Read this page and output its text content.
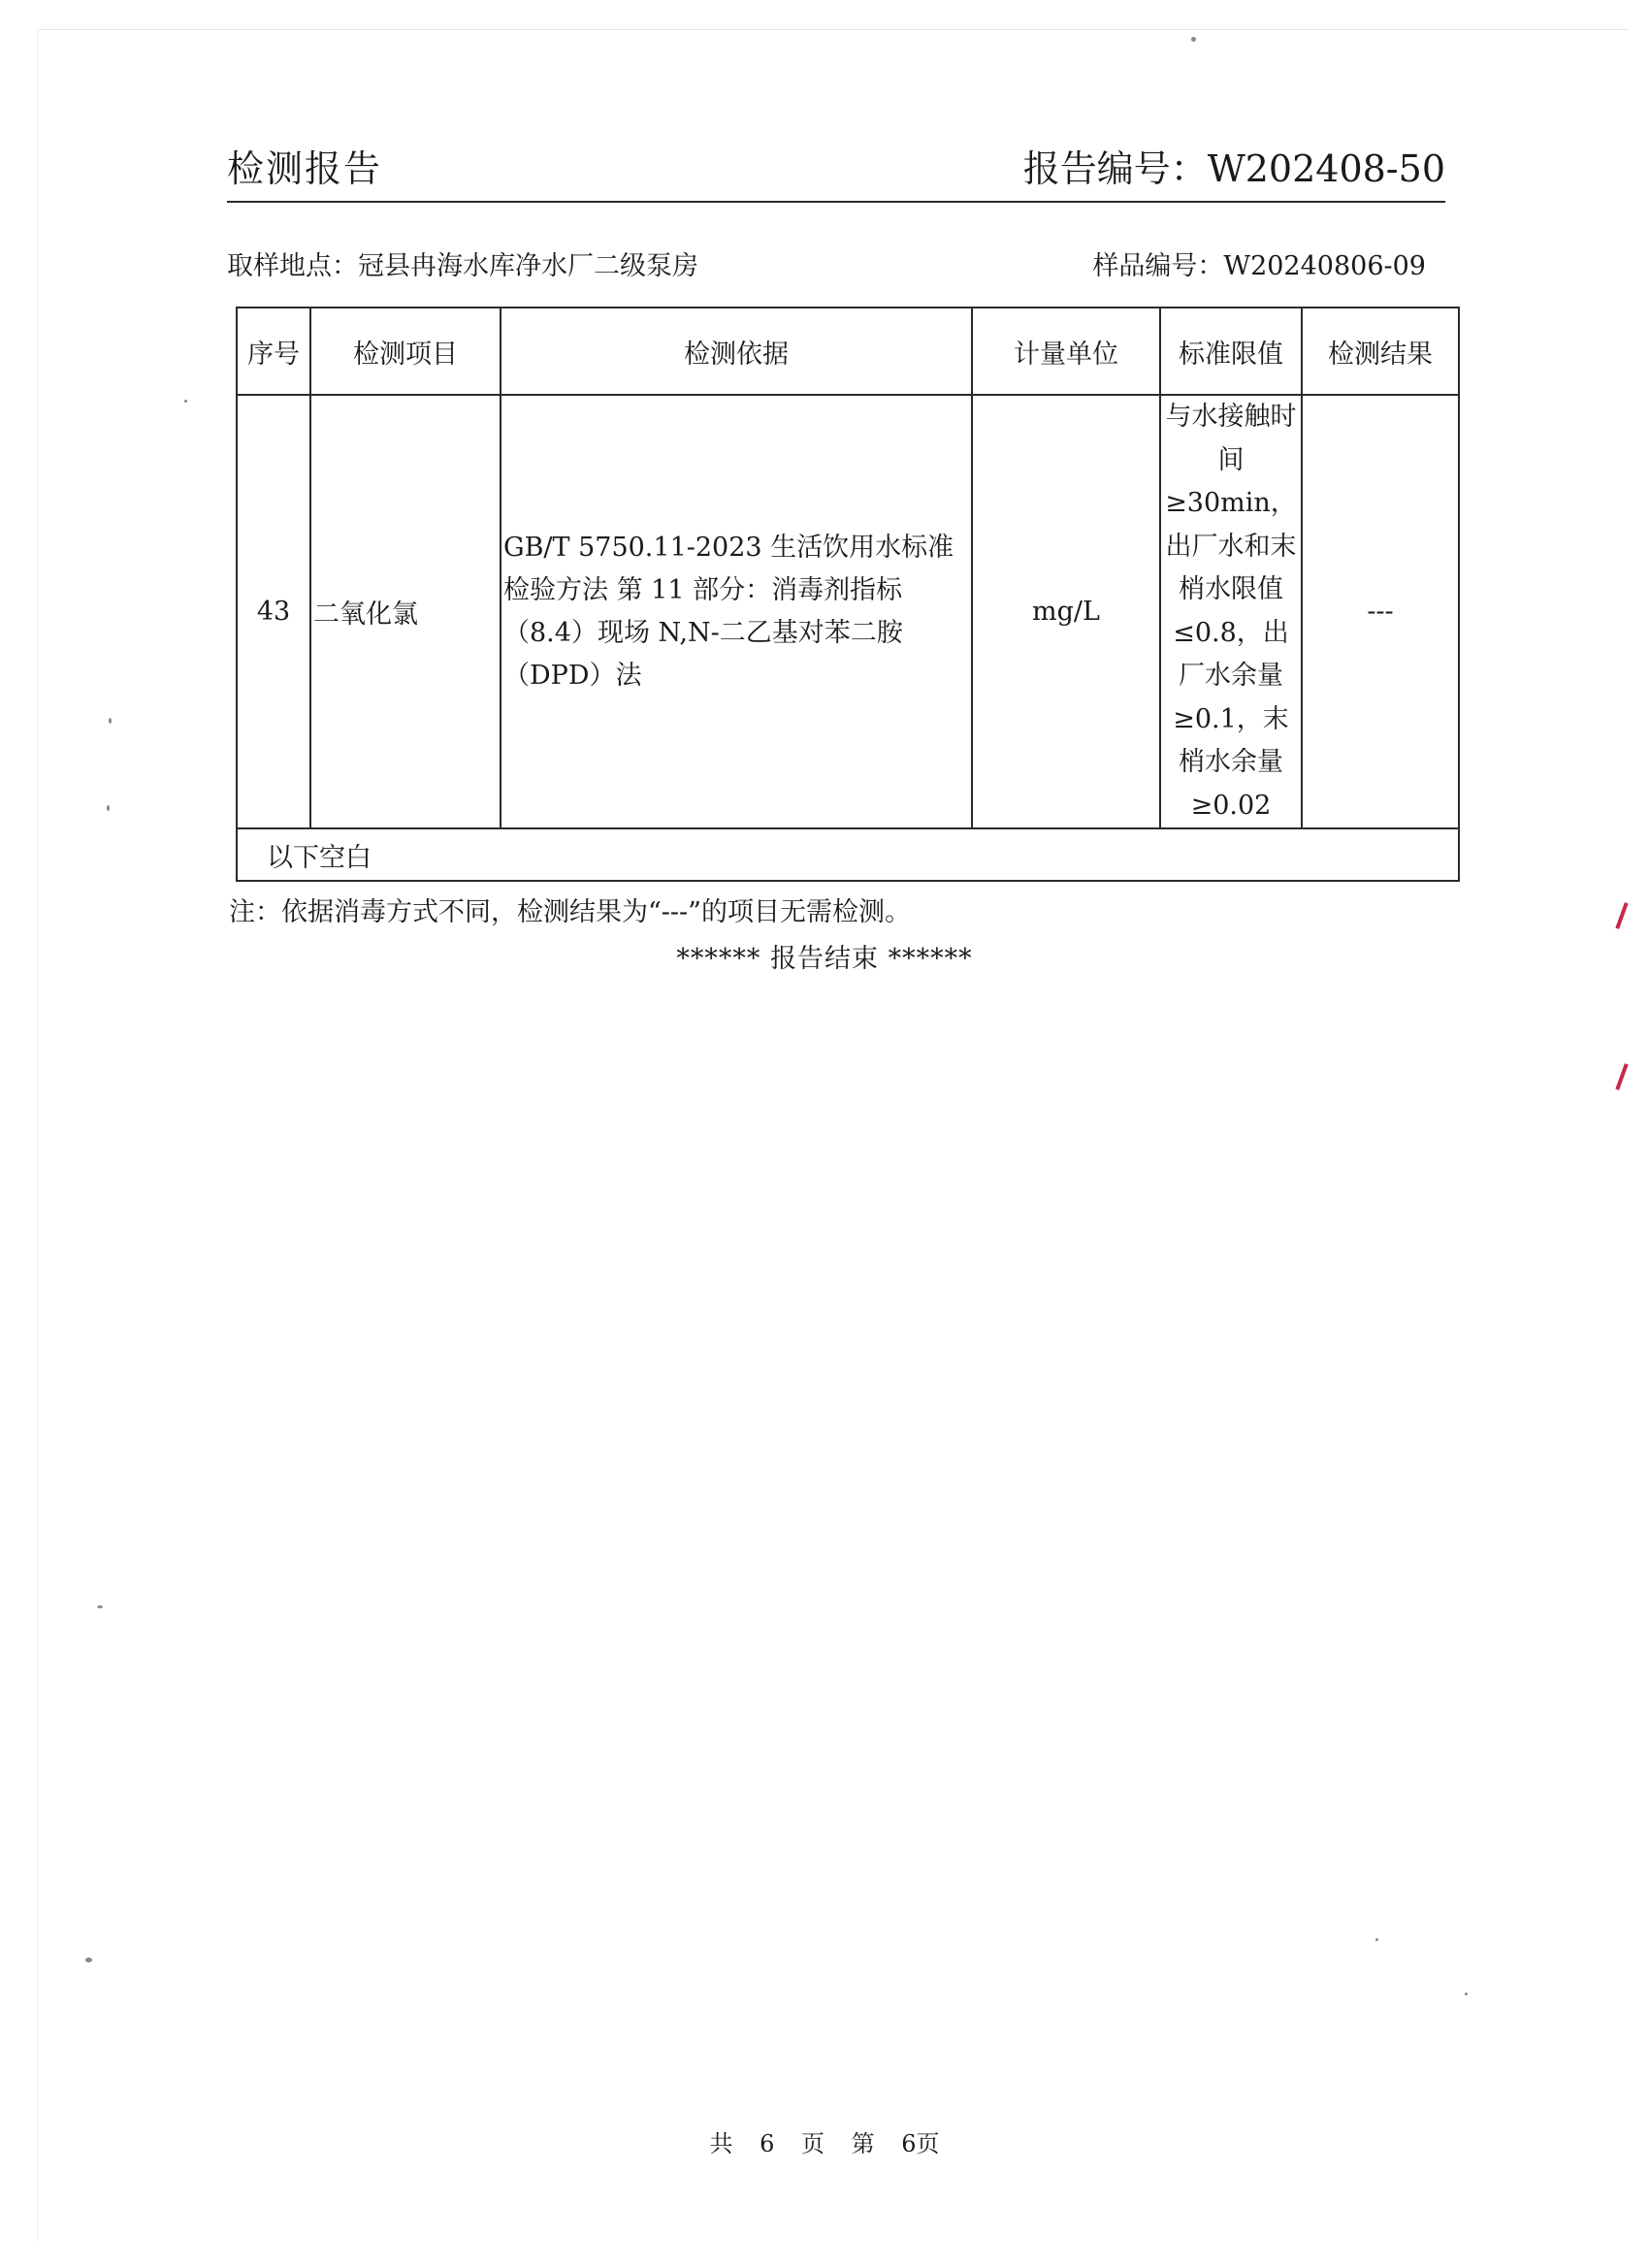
检测报告	报告编号：W202408-50
取样地点：冠县冉海水库净水厂二级泵房	样品编号：W20240806-09
序号	检测项目	检测依据	计量单位	标准限值	检测结果
43	二氧化氯	GB/T 5750.11-2023 生活饮用水标准检验方法 第 11 部分：消毒剂指标（8.4）现场 N,N-二乙基对苯二胺（DPD）法	mg/L	与水接触时间≥30min，出厂水和末梢水限值≤0.8，出厂水余量≥0.1，末梢水余量≥0.02	---
以下空白					
注：依据消毒方式不同，检测结果为“---”的项目无需检测。
****** 报告结束 ******
共 6 页 第 6页
